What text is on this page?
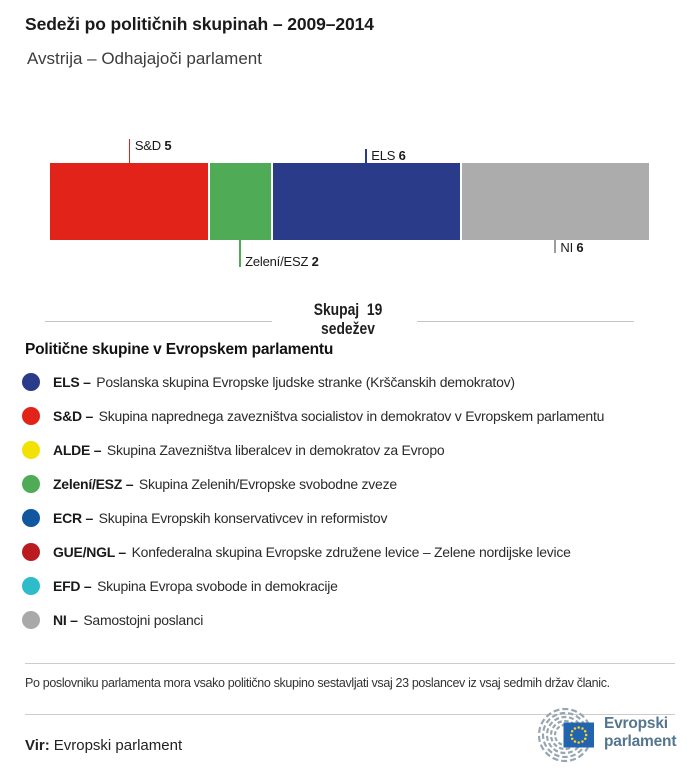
Sedeži po političnih skupinah – 2009–2014
Avstrija – Odhajajoči parlament
S&D 5
Zelení/ESZ 2
ELS 6
NI 6
Skupaj  19
sedežev
Politične skupine v Evropskem parlamentu
ELS – Poslanska skupina Evropske ljudske stranke (Krščanskih demokratov)
S&D – Skupina naprednega zavezništva socialistov in demokratov v Evropskem parlamentu
ALDE – Skupina Zavezništva liberalcev in demokratov za Evropo
Zelení/ESZ – Skupina Zelenih/Evropske svobodne zveze
ECR – Skupina Evropskih konservativcev in reformistov
GUE/NGL – Konfederalna skupina Evropske združene levice – Zelene nordijske levice
EFD – Skupina Evropa svobode in demokracije
NI – Samostojni poslanci
Po poslovniku parlamenta mora vsako politično skupino sestavljati vsaj 23 poslancev iz vsaj sedmih držav članic.
Vir: Evropski parlament
Evropski
parlament
